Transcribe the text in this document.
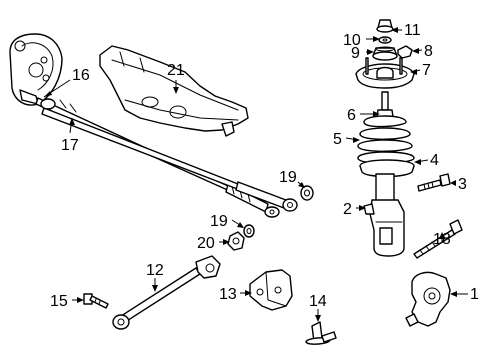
21
16
17
19
19
20
10
11
9	8
7
6
5
4
3
2
18
1
12
13
15	14
